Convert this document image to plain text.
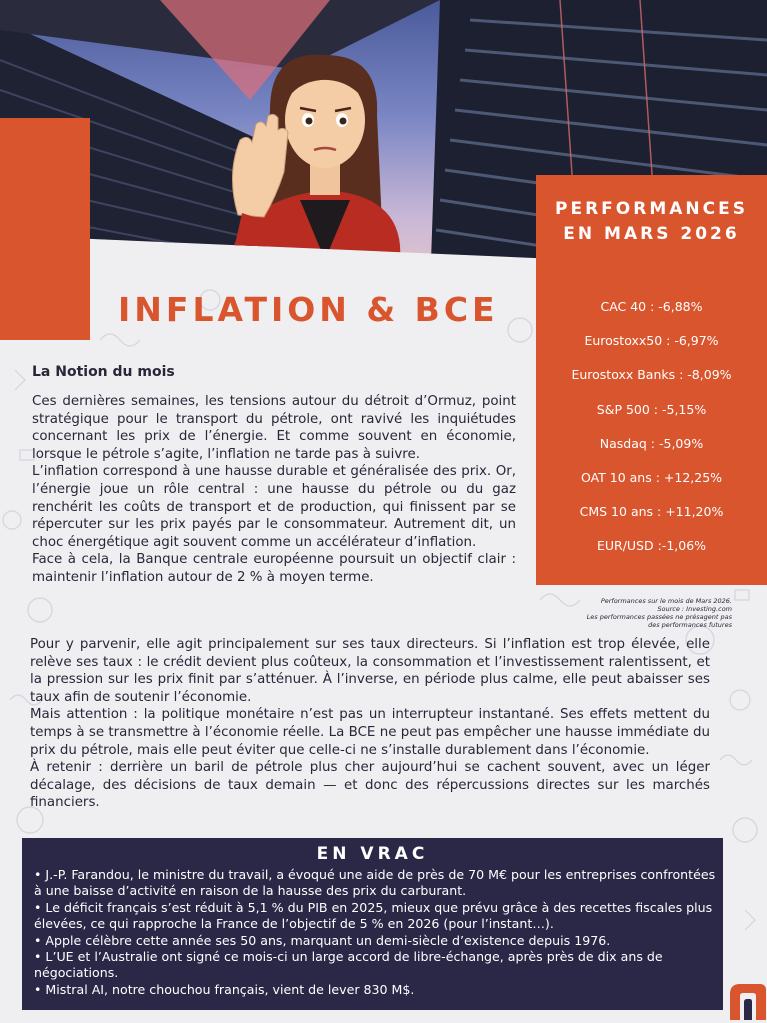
INFLATION & BCE
PERFORMANCES
EN MARS 2026
CAC 40 : -6,88%
Eurostoxx50 : -6,97%
Eurostoxx Banks : -8,09%
S&P 500 : -5,15%
Nasdaq : -5,09%
OAT 10 ans : +12,25%
CMS 10 ans : +11,20%
EUR/USD :-1,06%
Performances sur le mois de Mars 2026.
Source : Investing.com
Les performances passées ne présagent pas
des performances futures
La Notion du mois

Ces dernières semaines, les tensions autour du détroit d’Ormuz, point stratégique pour le transport du pétrole, ont ravivé les inquiétudes concernant les prix de l’énergie. Et comme souvent en économie, lorsque le pétrole s’agite, l’inflation ne tarde pas à suivre.

L’inflation correspond à une hausse durable et généralisée des prix. Or, l’énergie joue un rôle central : une hausse du pétrole ou du gaz renchérit les coûts de transport et de production, qui finissent par se répercuter sur les prix payés par le consommateur. Autrement dit, un choc énergétique agit souvent comme un accélérateur d’inflation.

Face à cela, la Banque centrale européenne poursuit un objectif clair : maintenir l’inflation autour de 2 % à moyen terme.

Pour y parvenir, elle agit principalement sur ses taux directeurs. Si l’inflation est trop élevée, elle relève ses taux : le crédit devient plus coûteux, la consommation et l’investissement ralentissent, et la pression sur les prix finit par s’atténuer. À l’inverse, en période plus calme, elle peut abaisser ses taux afin de soutenir l’économie.

Mais attention : la politique monétaire n’est pas un interrupteur instantané. Ses effets mettent du temps à se transmettre à l’économie réelle. La BCE ne peut pas empêcher une hausse immédiate du prix du pétrole, mais elle peut éviter que celle-ci ne s’installe durablement dans l’économie.

À retenir : derrière un baril de pétrole plus cher aujourd’hui se cachent souvent, avec un léger décalage, des décisions de taux demain — et donc des répercussions directes sur les marchés financiers.

EN VRAC
• J.-P. Farandou, le ministre du travail, a évoqué une aide de près de 70 M€ pour les entreprises confrontées à une baisse d’activité en raison de la hausse des prix du carburant.
• Le déficit français s’est réduit à 5,1 % du PIB en 2025, mieux que prévu grâce à des recettes fiscales plus élevées, ce qui rapproche la France de l’objectif de 5 % en 2026 (pour l’instant…).
• Apple célèbre cette année ses 50 ans, marquant un demi-siècle d’existence depuis 1976.
• L’UE et l’Australie ont signé ce mois-ci un large accord de libre-échange, après près de dix ans de négociations.
• Mistral AI, notre chouchou français, vient de lever 830 M$.
